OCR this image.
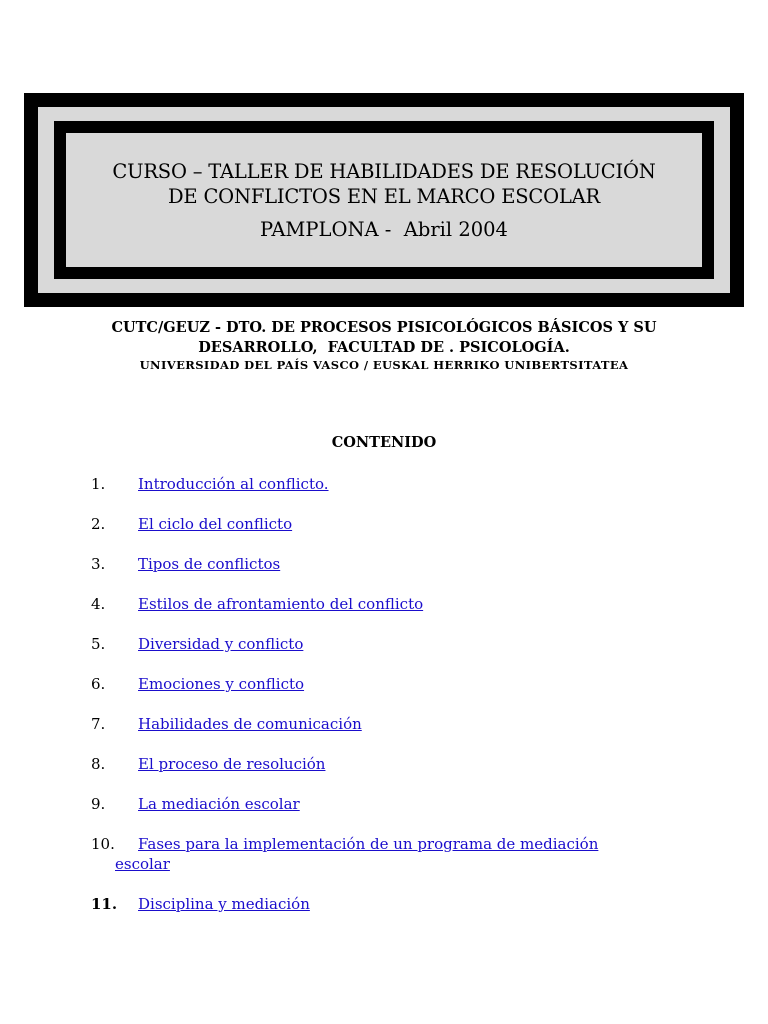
CURSO – TALLER DE HABILIDADES DE RESOLUCIÓN
DE CONFLICTOS EN EL MARCO ESCOLAR
PAMPLONA -  Abril 2004
CUTC/GEUZ - DTO. DE PROCESOS PISICOLÓGICOS BÁSICOS Y SU
DESARROLLO,  FACULTAD DE . PSICOLOGÍA.
UNIVERSIDAD DEL PAÍS VASCO / EUSKAL HERRIKO UNIBERTSITATEA
CONTENIDO
1. Introducción al conflicto.
2. El ciclo del conflicto
3. Tipos de conflictos
4. Estilos de afrontamiento del conflicto
5. Diversidad y conflicto
6. Emociones y conflicto
7. Habilidades de comunicación
8. El proceso de resolución
9. La mediación escolar
10. Fases para la implementación de un programa de mediación
escolar
11. Disciplina y mediación
